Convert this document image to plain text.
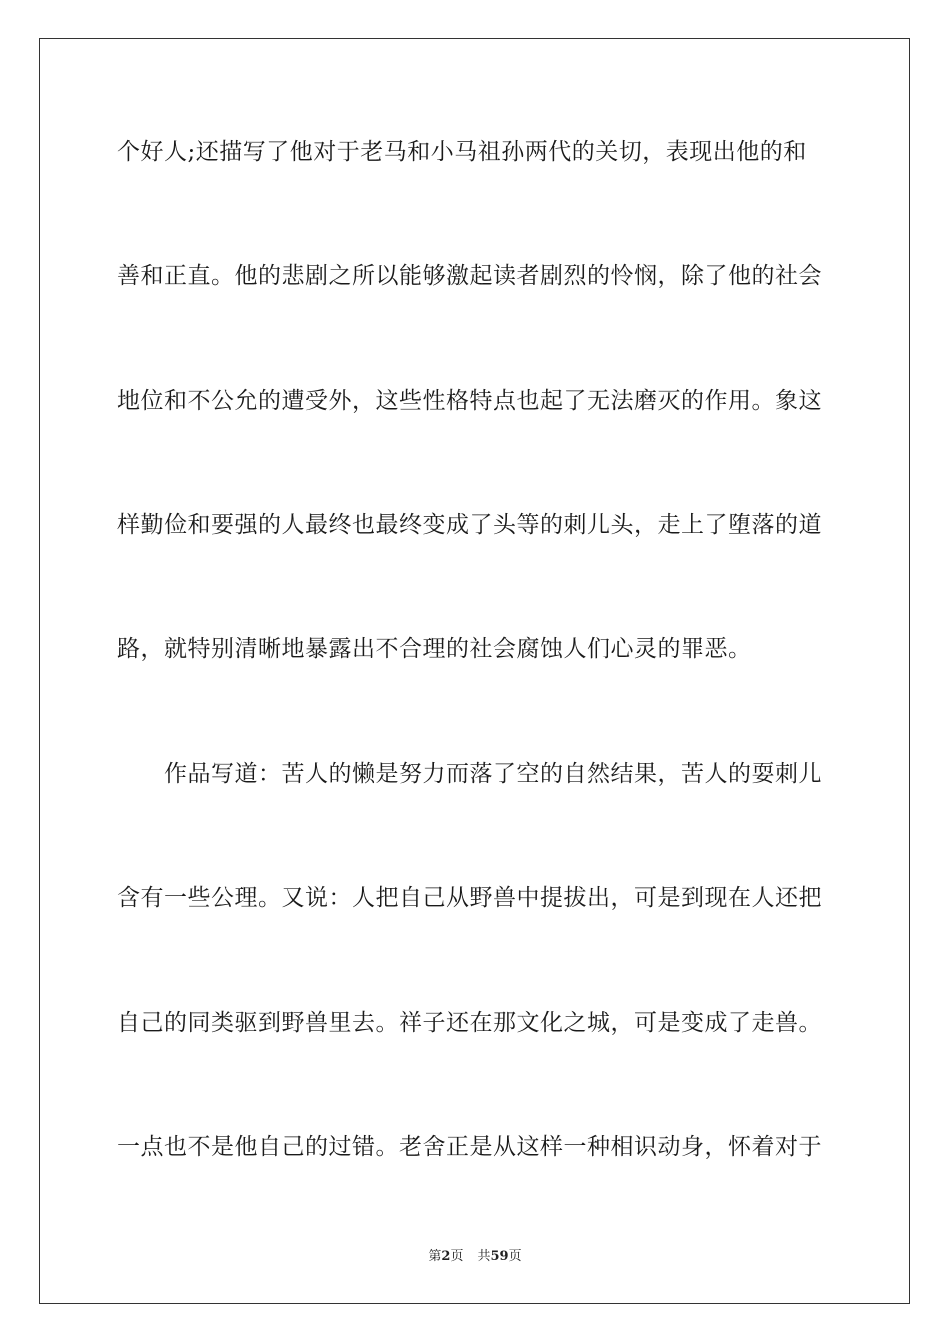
个好人;还描写了他对于老马和小马祖孙两代的关切，表现出他的和
善和正直。他的悲剧之所以能够激起读者剧烈的怜悯，除了他的社会
地位和不公允的遭受外，这些性格特点也起了无法磨灭的作用。象这
样勤俭和要强的人最终也最终变成了头等的刺儿头，走上了堕落的道
路，就特别清晰地暴露出不合理的社会腐蚀人们心灵的罪恶。
　　作品写道：苦人的懒是努力而落了空的自然结果，苦人的耍刺儿
含有一些公理。又说：人把自己从野兽中提拔出，可是到现在人还把
自己的同类驱到野兽里去。祥子还在那文化之城，可是变成了走兽。
一点也不是他自己的过错。老舍正是从这样一种相识动身，怀着对于
第2页 共59页
